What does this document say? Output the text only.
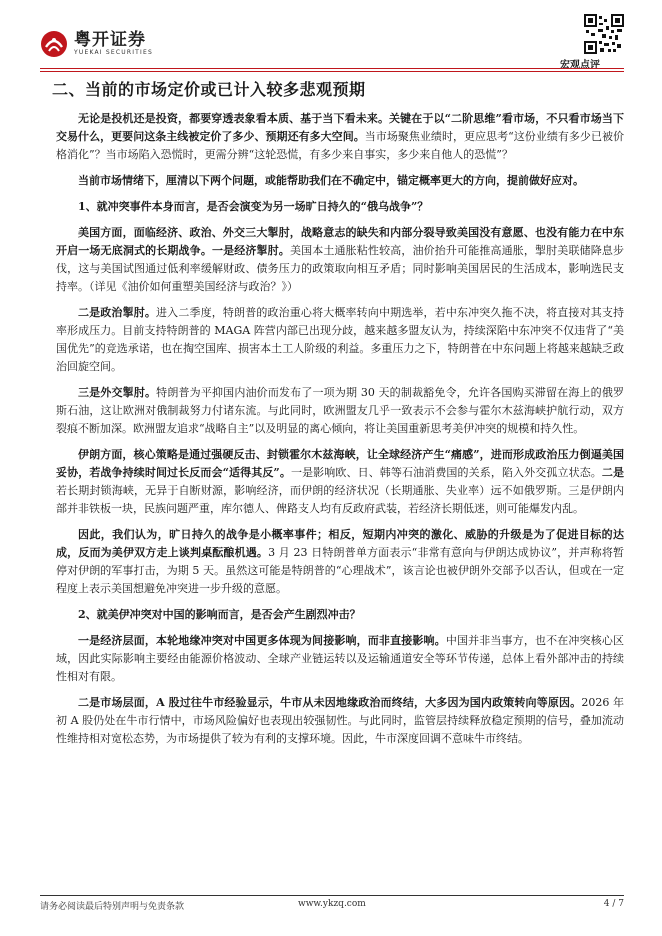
粤开证券
YUEKAI SECURITIES
宏观点评
二、当前的市场定价或已计入较多悲观预期

无论是投机还是投资，都要穿透表象看本质、基于当下看未来。关键在于以“二阶思维”看市场，不只看市场当下交易什么，更要问这条主线被定价了多少、预期还有多大空间。当市场聚焦业绩时，更应思考“这份业绩有多少已被价格消化”？当市场陷入恐慌时，更需分辨“这轮恐慌，有多少来自事实，多少来自他人的恐慌”？

当前市场情绪下，厘清以下两个问题，或能帮助我们在不确定中，锚定概率更大的方向，提前做好应对。

1、就冲突事件本身而言，是否会演变为另一场旷日持久的“俄乌战争”？

美国方面，面临经济、政治、外交三大掣肘，战略意志的缺失和内部分裂导致美国没有意愿、也没有能力在中东开启一场无底洞式的长期战争。一是经济掣肘。美国本土通胀粘性较高，油价抬升可能推高通胀，掣肘美联储降息步伐，这与美国试图通过低利率缓解财政、债务压力的政策取向相互矛盾；同时影响美国居民的生活成本，影响选民支持率。（详见《油价如何重塑美国经济与政治？》）

二是政治掣肘。进入二季度，特朗普的政治重心将大概率转向中期选举，若中东冲突久拖不决，将直接对其支持率形成压力。目前支持特朗普的 MAGA 阵营内部已出现分歧，越来越多盟友认为，持续深陷中东冲突不仅违背了“美国优先”的竞选承诺，也在掏空国库、损害本土工人阶级的利益。多重压力之下，特朗普在中东问题上将越来越缺乏政治回旋空间。

三是外交掣肘。特朗普为平抑国内油价而发布了一项为期 30 天的制裁豁免令，允许各国购买滞留在海上的俄罗斯石油，这让欧洲对俄制裁努力付诸东流。与此同时，欧洲盟友几乎一致表示不会参与霍尔木兹海峡护航行动，双方裂痕不断加深。欧洲盟友追求“战略自主”以及明显的离心倾向，将让美国重新思考美伊冲突的规模和持久性。

伊朗方面，核心策略是通过强硬反击、封锁霍尔木兹海峡，让全球经济产生“痛感”，进而形成政治压力倒逼美国妥协，若战争持续时间过长反而会“适得其反”。一是影响欧、日、韩等石油消费国的关系，陷入外交孤立状态。二是若长期封锁海峡，无异于自断财源，影响经济，而伊朗的经济状况（长期通胀、失业率）远不如俄罗斯。三是伊朗内部并非铁板一块，民族问题严重，库尔德人、俾路支人均有反政府武装，若经济长期低迷，则可能爆发内乱。

因此，我们认为，旷日持久的战争是小概率事件；相反，短期内冲突的激化、威胁的升级是为了促进目标的达成，反而为美伊双方走上谈判桌酝酿机遇。3 月 23 日特朗普单方面表示“非常有意向与伊朗达成协议”，并声称将暂停对伊朗的军事打击，为期 5 天。虽然这可能是特朗普的“心理战术”，该言论也被伊朗外交部予以否认，但或在一定程度上表示美国想避免冲突进一步升级的意愿。

2、就美伊冲突对中国的影响而言，是否会产生剧烈冲击？

一是经济层面，本轮地缘冲突对中国更多体现为间接影响，而非直接影响。中国并非当事方，也不在冲突核心区域，因此实际影响主要经由能源价格波动、全球产业链运转以及运输通道安全等环节传递，总体上看外部冲击的持续性相对有限。

二是市场层面，A 股过往牛市经验显示，牛市从未因地缘政治而终结，大多因为国内政策转向等原因。2026 年初 A 股仍处在牛市行情中，市场风险偏好也表现出较强韧性。与此同时，监管层持续释放稳定预期的信号，叠加流动性维持相对宽松态势，为市场提供了较为有利的支撑环境。因此，牛市深度回调不意味牛市终结。

请务必阅读最后特别声明与免责条款	www.ykzq.com	4 / 7
